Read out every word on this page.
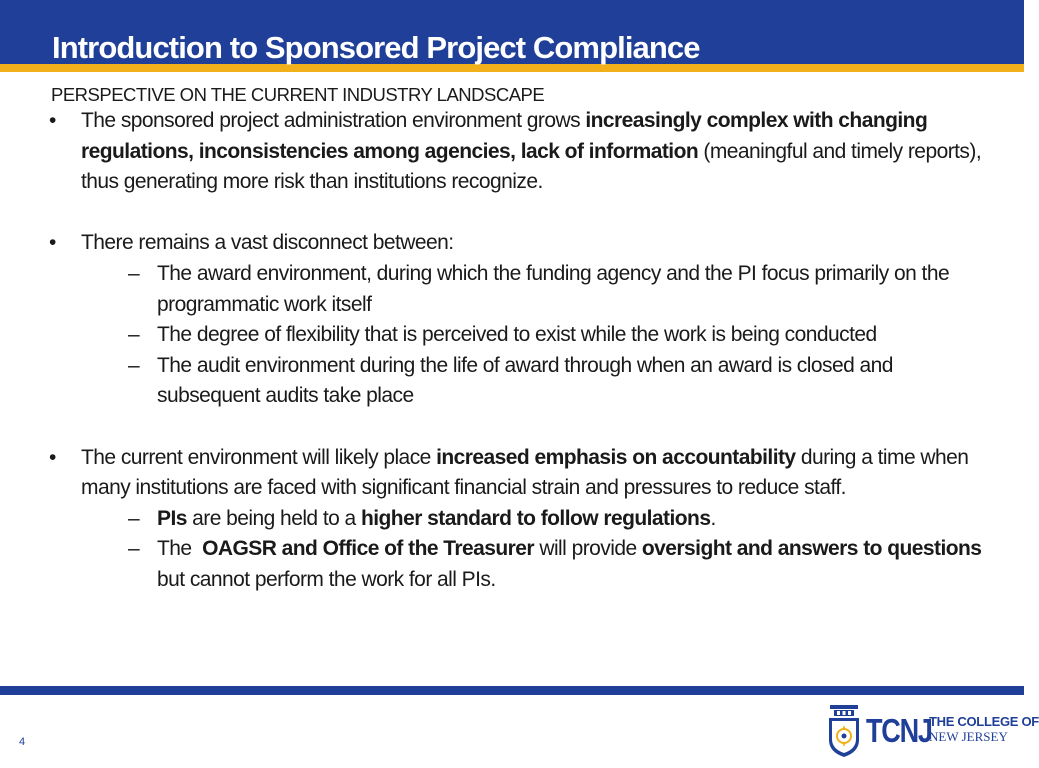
Introduction to Sponsored Project Compliance
PERSPECTIVE ON THE CURRENT INDUSTRY LANDSCAPE
• The sponsored project administration environment grows increasingly complex with changing regulations, inconsistencies among agencies, lack of information (meaningful and timely reports), thus generating more risk than institutions recognize.
• There remains a vast disconnect between:
– The award environment, during which the funding agency and the PI focus primarily on the programmatic work itself
– The degree of flexibility that is perceived to exist while the work is being conducted
– The audit environment during the life of award through when an award is closed and subsequent audits take place
• The current environment will likely place increased emphasis on accountability during a time when many institutions are faced with significant financial strain and pressures to reduce staff.
– PIs are being held to a higher standard to follow regulations.
– The  OAGSR and Office of the Treasurer will provide oversight and answers to questions but cannot perform the work for all PIs.
4	TCNJ
THE COLLEGE OF
NEW JERSEY
